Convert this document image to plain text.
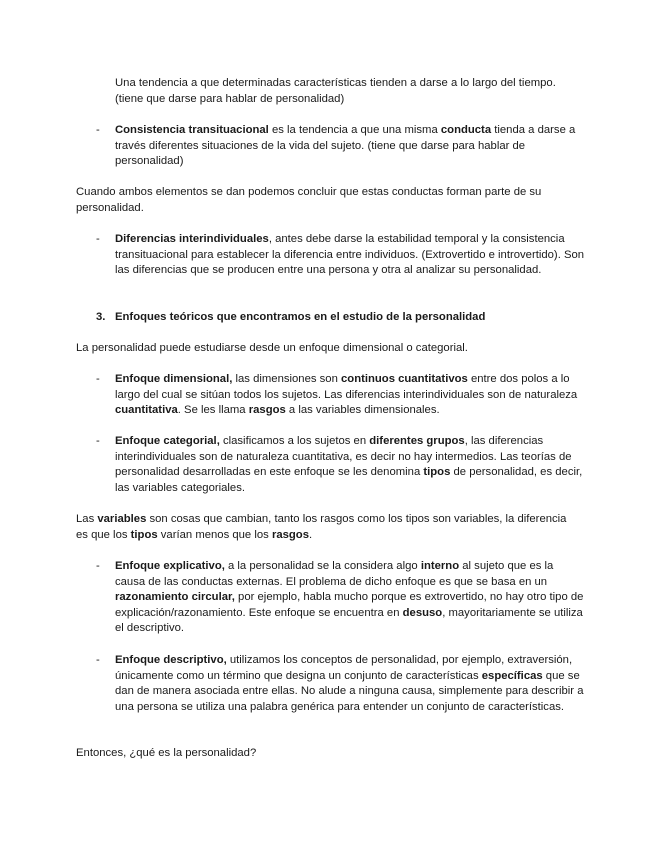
Una tendencia a que determinadas características tienden a darse a lo largo del tiempo.
(tiene que darse para hablar de personalidad)

-	Consistencia transituacional es la tendencia a que una misma conducta tienda a darse a través diferentes situaciones de la vida del sujeto. (tiene que darse para hablar de personalidad)

Cuando ambos elementos se dan podemos concluir que estas conductas forman parte de su personalidad.

-	Diferencias interindividuales, antes debe darse la estabilidad temporal y la consistencia transituacional para establecer la diferencia entre individuos. (Extrovertido e introvertido). Son las diferencias que se producen entre una persona y otra al analizar su personalidad.
3. Enfoques teóricos que encontramos en el estudio de la personalidad

La personalidad puede estudiarse desde un enfoque dimensional o categorial.

-	Enfoque dimensional, las dimensiones son continuos cuantitativos entre dos polos a lo largo del cual se sitúan todos los sujetos. Las diferencias interindividuales son de naturaleza cuantitativa. Se les llama rasgos a las variables dimensionales.
-	Enfoque categorial, clasificamos a los sujetos en diferentes grupos, las diferencias interindividuales son de naturaleza cuantitativa, es decir no hay intermedios. Las teorías de personalidad desarrolladas en este enfoque se les denomina tipos de personalidad, es decir, las variables categoriales.

Las variables son cosas que cambian, tanto los rasgos como los tipos son variables, la diferencia es que los tipos varían menos que los rasgos.

-	Enfoque explicativo, a la personalidad se la considera algo interno al sujeto que es la causa de las conductas externas. El problema de dicho enfoque es que se basa en un razonamiento circular, por ejemplo, habla mucho porque es extrovertido, no hay otro tipo de explicación/razonamiento. Este enfoque se encuentra en desuso, mayoritariamente se utiliza el descriptivo.
-	Enfoque descriptivo, utilizamos los conceptos de personalidad, por ejemplo, extraversión, únicamente como un término que designa un conjunto de características específicas que se dan de manera asociada entre ellas. No alude a ninguna causa, simplemente para describir a una persona se utiliza una palabra genérica para entender un conjunto de características.

Entonces, ¿qué es la personalidad?
